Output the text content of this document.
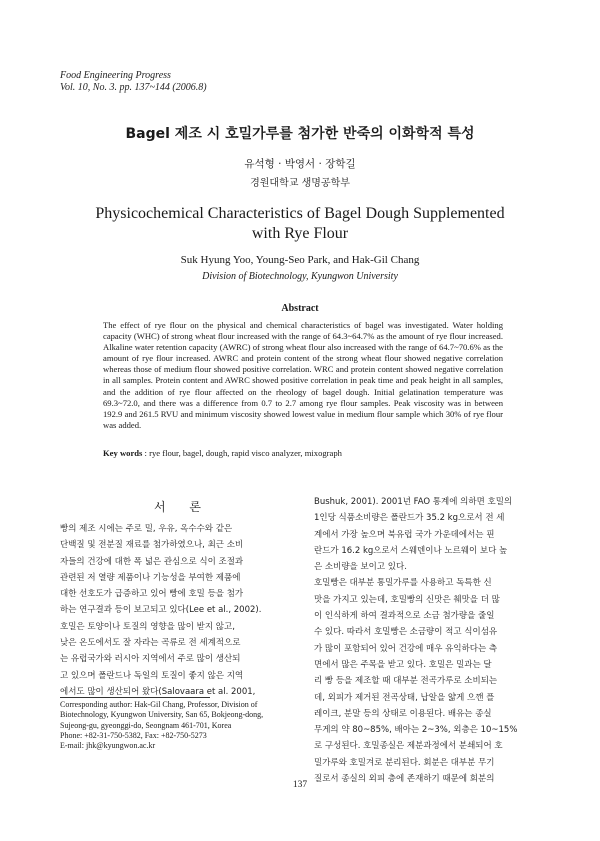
Food Engineering Progress
Vol. 10, No. 3. pp. 137~144 (2006.8)
Bagel 제조 시 호밀가루를 첨가한 반죽의 이화학적 특성
유석형 · 박영서 · 장학길
경원대학교 생명공학부
Physicochemical Characteristics of Bagel Dough Supplemented
with Rye Flour
Suk Hyung Yoo, Young-Seo Park, and Hak-Gil Chang
Division of Biotechnology, Kyungwon University
Abstract
The effect of rye flour on the physical and chemical characteristics of bagel was investigated. Water holding capacity (WHC) of strong wheat flour increased with the range of 64.3~64.7% as the amount of rye flour increased. Alkaline water retention capacity (AWRC) of strong wheat flour also increased with the range of 64.7~70.6% as the amount of rye flour increased. AWRC and protein content of the strong wheat flour showed negative correlation whereas those of medium flour showed positive correlation. WRC and protein content showed negative correlation in all samples. Protein content and AWRC showed positive correlation in peak time and peak height in all samples, and the addition of rye flour affected on the rheology of bagel dough. Initial gelatination temperature was 69.3~72.0, and there was a difference from 0.7 to 2.7 among rye flour samples. Peak viscosity was in between 192.9 and 261.5 RVU and minimum viscosity showed lowest value in medium flour sample which 30% of rye flour was added.
Key words : rye flour, bagel, dough, rapid visco analyzer, mixograph
서 론
빵의 제조 시에는 주로 밀, 우유, 옥수수와 같은
단백질 및 전분질 재료를 첨가하였으나, 최근 소비
자들의 건강에 대한 폭 넓은 관심으로 식이 조절과
관련된 저 열량 제품이나 기능성을 부여한 제품에
대한 선호도가 급증하고 있어 빵에 호밀 등을 첨가
하는 연구결과 등이 보고되고 있다(Lee et al., 2002).
호밀은 토양이나 토질의 영향을 많이 받지 않고,
낮은 온도에서도 잘 자라는 곡류로 전 세계적으로
는 유럽국가와 러시아 지역에서 주로 많이 생산되
고 있으며 폴란드나 독일의 토질이 좋지 않은 지역
에서도 많이 생산되어 왔다(Salovaara et al. 2001,
Corresponding author: Hak-Gil Chang, Professor, Division of
Biotechnology, Kyungwon University, San 65, Bokjeong-dong,
Sujeong-gu, gyeonggi-do, Seongnam 461-701, Korea
Phone: +82-31-750-5382, Fax: +82-750-5273
E-mail: jhk@kyungwon.ac.kr
Bushuk, 2001). 2001년 FAO 통계에 의하면 호밀의
1인당 식품소비량은 폴란드가 35.2 kg으로서 전 세
계에서 가장 높으며 북유럽 국가 가운데에서는 핀
란드가 16.2 kg으로서 스웨덴이나 노르웨이 보다 높
은 소비량을 보이고 있다.
호밀빵은 대부분 통밀가루를 사용하고 독특한 신
맛을 가지고 있는데, 호밀빵의 신맛은 췌맛을 더 많
이 인식하게 하여 결과적으로 소금 첨가량을 줄일
수 있다. 따라서 호밀빵은 소금량이 적고 식이섬유
가 많이 포함되어 있어 건강에 매우 유익하다는 측
면에서 많은 주목을 받고 있다. 호밀은 밀과는 달
리 빵 등을 제조할 때 대부분 전곡가루로 소비되는
데, 외피가 제거된 전곡상태, 납알을 얇게 으깬 플
레이크, 분말 등의 상태로 이용된다. 배유는 종실
무게의 약 80~85%, 배아는 2~3%, 외층은 10~15%
로 구성된다. 호밀종실은 제분과정에서 분쇄되어 호
밀가루와 호밀겨로 분리된다. 회분은 대부분 무기
질로서 종실의 외피 층에 존재하기 때문에 회분의
137
